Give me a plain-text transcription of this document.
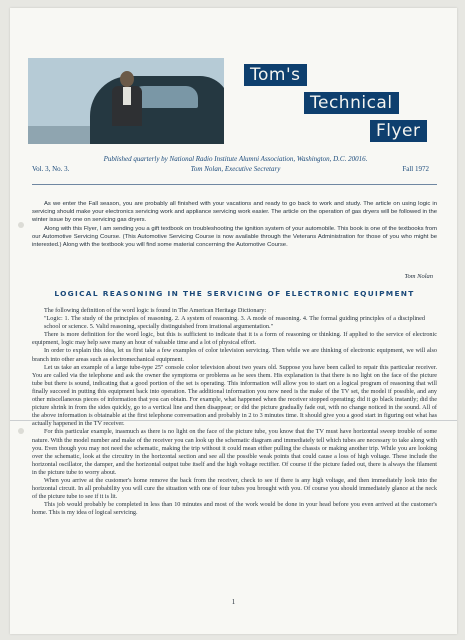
Tom's
Technical
Flyer
Published quarterly by National Radio Institute Alumni Association, Washington, D.C. 20016.
Tom Nolan, Executive Secretary
Vol. 3, No. 3.	Fall 1972

As we enter the Fall season, you are probably all finished with your vacations and ready to go back to work and study. The article on using logic in servicing should make your electronics servicing work and appliance servicing work easier. The article on the operation of gas dryers will be followed in the winter issue by one on servicing gas dryers.

Along with this Flyer, I am sending you a gift textbook on troubleshooting the ignition system of your automobile. This book is one of the textbooks from our Automotive Servicing Course. (This Automotive Servicing Course is now available through the Veterans Administration for those of you who might be interested.) Along with the textbook you will find some material concerning the Automotive Course.

Tom Nolan
LOGICAL REASONING IN THE SERVICING OF ELECTRONIC EQUIPMENT

The following definition of the word logic is found in The American Heritage Dictionary:

"Logic: 1. The study of the principles of reasoning. 2. A system of reasoning. 3. A mode of reasoning. 4. The formal guiding principles of a disciplined school or science. 5. Valid reasoning, specially distinguished from irrational argumentation."

There is more definition for the word logic, but this is sufficient to indicate that it is a form of reasoning or thinking. If applied to the service of electronic equipment, logic may help save many an hour of valuable time and a lot of physical effort.

In order to explain this idea, let us first take a few examples of color television servicing. Then while we are thinking of electronic equipment, we will also branch into other areas such as electromechanical equipment.

Let us take an example of a large tube-type 25" console color television about two years old. Suppose you have been called to repair this particular receiver. You are called via the telephone and ask the owner the symptoms or problems as he sees them. His explanation is that there is no light on the face of the picture tube but there is sound, indicating that a good portion of the set is operating. This information will allow you to start on a logical program of reasoning that will finally succeed in putting this equipment back into operation. The additional information you now need is the make of the TV set, the model if possible, and any other miscellaneous pieces of information that you can obtain. For example, what happened when the receiver stopped operating; did it go black instantly; did the picture shrink in from the sides quickly, go to a vertical line and then disappear; or did the picture gradually fade out, with no change noticed in the sound. All of the above information is obtainable at the first telephone conversation and probably in 2 to 3 minutes time. It should give you a good start in figuring out what has actually happened in the TV receiver.

For this particular example, inasmuch as there is no light on the face of the picture tube, you know that the TV must have horizontal sweep trouble of some nature. With the model number and make of the receiver you can look up the schematic diagram and immediately tell which tubes are necessary to take along with you. Even though you may not need the schematic, making the trip without it could mean either pulling the chassis or making another trip. While you are looking over the schematic, look at the circuitry in the horizontal section and see all the possible weak points that could cause a loss of high voltage. These include the horizontal oscillator, the damper, and the horizontal output tube itself and the high voltage rectifier. Of course if the picture faded out, there is always the filament in the picture tube to worry about.

When you arrive at the customer's home remove the back from the receiver, check to see if there is any high voltage, and then immediately look into the horizontal circuit. In all probability you will cure the situation with one of four tubes you brought with you. Of course you should immediately glance at the neck of the picture tube to see if it is lit.

This job would probably be completed in less than 10 minutes and most of the work would be done in your head before you even arrived at the customer's home. This is my idea of logical servicing.

1
